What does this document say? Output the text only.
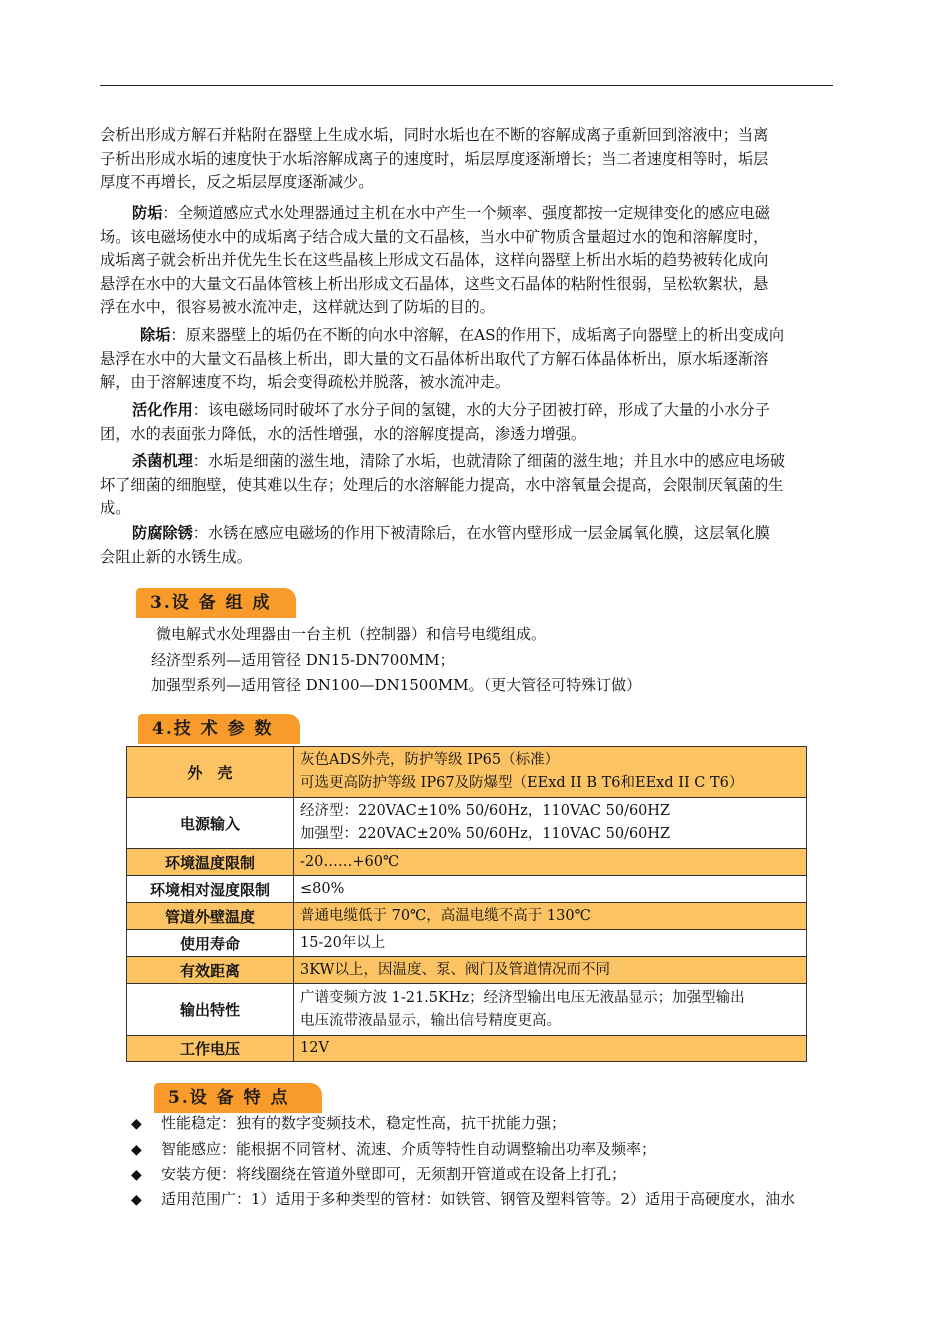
会析出形成方解石并粘附在器壁上生成水垢，同时水垢也在不断的容解成离子重新回到溶液中；当离
子析出形成水垢的速度快于水垢溶解成离子的速度时，垢层厚度逐渐增长；当二者速度相等时，垢层
厚度不再增长，反之垢层厚度逐渐减少。
防垢：全频道感应式水处理器通过主机在水中产生一个频率、强度都按一定规律变化的感应电磁
场。该电磁场使水中的成垢离子结合成大量的文石晶核，当水中矿物质含量超过水的饱和溶解度时，
成垢离子就会析出并优先生长在这些晶核上形成文石晶体，这样向器壁上析出水垢的趋势被转化成向
悬浮在水中的大量文石晶体管核上析出形成文石晶体，这些文石晶体的粘附性很弱，呈松软絮状，悬
浮在水中，很容易被水流冲走，这样就达到了防垢的目的。
除垢：原来器壁上的垢仍在不断的向水中溶解，在AS的作用下，成垢离子向器壁上的析出变成向
悬浮在水中的大量文石晶核上析出，即大量的文石晶体析出取代了方解石体晶体析出，原水垢逐渐溶
解，由于溶解速度不均，垢会变得疏松并脱落，被水流冲走。
活化作用：该电磁场同时破坏了水分子间的氢键，水的大分子团被打碎，形成了大量的小水分子
团，水的表面张力降低，水的活性增强，水的溶解度提高，渗透力增强。
杀菌机理：水垢是细菌的滋生地，清除了水垢，也就清除了细菌的滋生地；并且水中的感应电场破
坏了细菌的细胞壁，使其难以生存；处理后的水溶解能力提高，水中溶氧量会提高，会限制厌氧菌的生
成。
防腐除锈：水锈在感应电磁场的作用下被清除后，在水管内壁形成一层金属氧化膜，这层氧化膜
会阻止新的水锈生成。
3.设 备 组 成

微电解式水处理器由一台主机（控制器）和信号电缆组成。

经济型系列—适用管径 DN15-DN700MM；

加强型系列—适用管径 DN100—DN1500MM。（更大管径可特殊订做）

4.技 术 参 数
外　壳	灰色ADS外壳，防护等级 IP65（标准）
可选更高防护等级 IP67及防爆型（EExd II B T6和EExd II C T6）

电源输入	经济型：220VAC±10% 50/60Hz，110VAC 50/60HZ
加强型：220VAC±20% 50/60Hz，110VAC 50/60HZ

环境温度限制	-20……+60℃
环境相对湿度限制	≤80%
管道外壁温度	普通电缆低于 70℃，高温电缆不高于 130℃
使用寿命	15-20年以上
有效距离	3KW以上，因温度、泵、阀门及管道情况而不同
输出特性	广谱变频方波 1-21.5KHz；经济型输出电压无液晶显示；加强型输出
电压流带液晶显示，输出信号精度更高。

工作电压	12V
5.设 备 特 点
◆ 性能稳定：独有的数字变频技术，稳定性高，抗干扰能力强；
◆ 智能感应：能根据不同管材、流速、介质等特性自动调整输出功率及频率；
◆ 安装方便：将线圈绕在管道外壁即可，无须割开管道或在设备上打孔；
◆ 适用范围广：1）适用于多种类型的管材：如铁管、钢管及塑料管等。2）适用于高硬度水，油水
